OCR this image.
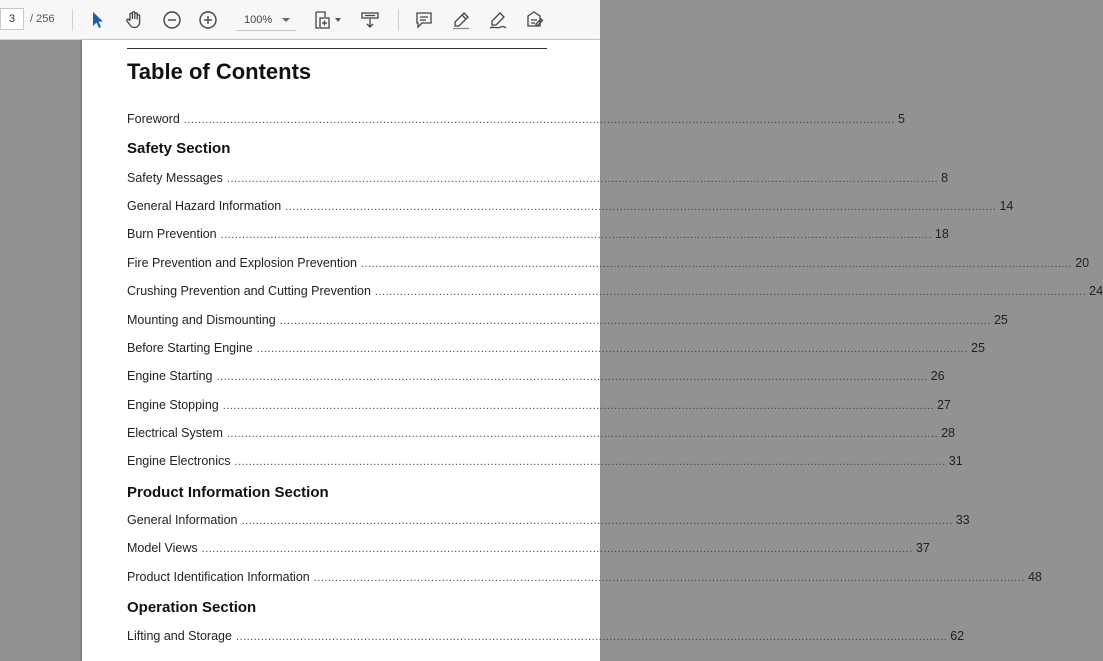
3	/ 256	100%
Table of Contents
Foreword ........................................................................................................................................................................................................ 5
Safety Section
Safety Messages ........................................................................................................................................................................................................ 8
General Hazard Information ........................................................................................................................................................................................................ 14
Burn Prevention ........................................................................................................................................................................................................ 18
Fire Prevention and Explosion Prevention ........................................................................................................................................................................................................ 20
Crushing Prevention and Cutting Prevention ........................................................................................................................................................................................................ 24
Mounting and Dismounting ........................................................................................................................................................................................................ 25
Before Starting Engine ........................................................................................................................................................................................................ 25
Engine Starting ........................................................................................................................................................................................................ 26
Engine Stopping ........................................................................................................................................................................................................ 27
Electrical System ........................................................................................................................................................................................................ 28
Engine Electronics ........................................................................................................................................................................................................ 31
Product Information Section
General Information ........................................................................................................................................................................................................ 33
Model Views ........................................................................................................................................................................................................ 37
Product Identification Information ........................................................................................................................................................................................................ 48
Operation Section
Lifting and Storage ........................................................................................................................................................................................................ 62
